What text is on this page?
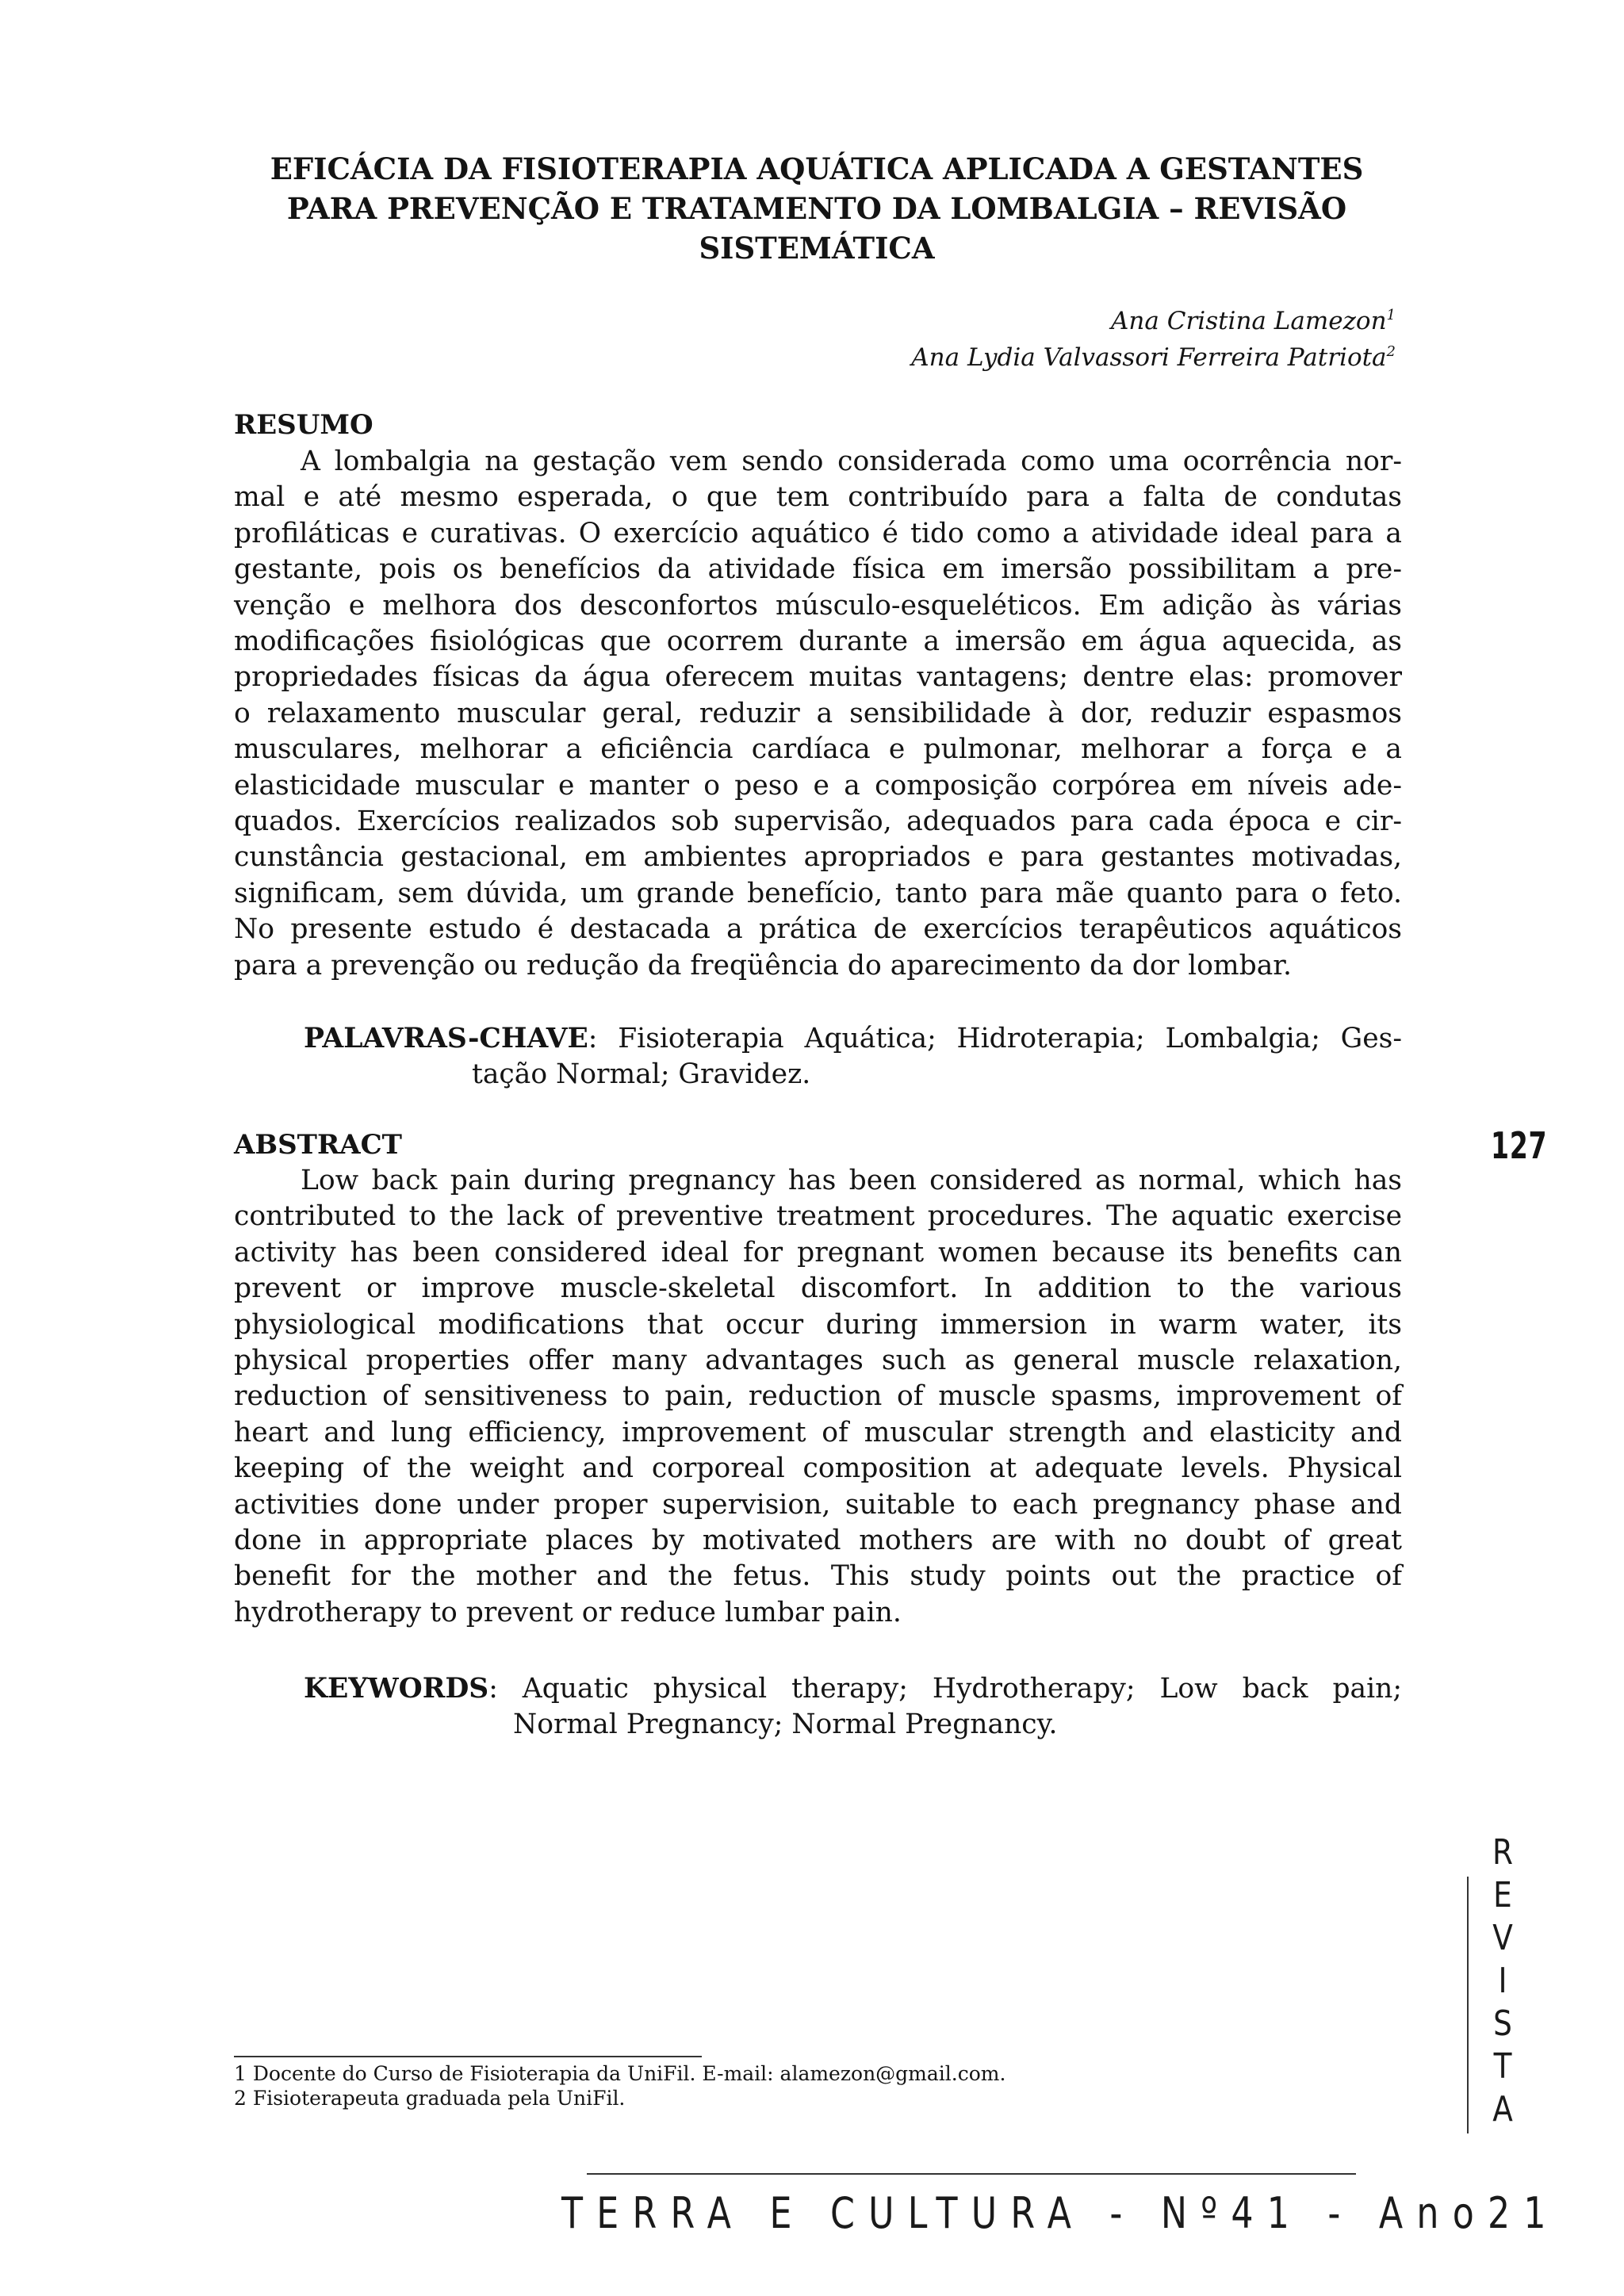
EFICÁCIA DA FISIOTERAPIA AQUÁTICA APLICADA A GESTANTES
PARA PREVENÇÃO E TRATAMENTO DA LOMBALGIA – REVISÃO
SISTEMÁTICA
Ana Cristina Lamezon$^1$
Ana Lydia Valvassori Ferreira Patriota$^2$
RESUMO
A lombalgia na gestação vem sendo considerada como uma ocorrência nor-
mal e até mesmo esperada, o que tem contribuído para a falta de condutas
profiláticas e curativas. O exercício aquático é tido como a atividade ideal para a
gestante, pois os benefícios da atividade física em imersão possibilitam a pre-
venção e melhora dos desconfortos músculo-esqueléticos. Em adição às várias
modificações fisiológicas que ocorrem durante a imersão em água aquecida, as
propriedades físicas da água oferecem muitas vantagens; dentre elas: promover
o relaxamento muscular geral, reduzir a sensibilidade à dor, reduzir espasmos
musculares, melhorar a eficiência cardíaca e pulmonar, melhorar a força e a
elasticidade muscular e manter o peso e a composição corpórea em níveis ade-
quados. Exercícios realizados sob supervisão, adequados para cada época e cir-
cunstância gestacional, em ambientes apropriados e para gestantes motivadas,
significam, sem dúvida, um grande benefício, tanto para mãe quanto para o feto.
No presente estudo é destacada a prática de exercícios terapêuticos aquáticos
para a prevenção ou redução da freqüência do aparecimento da dor lombar.
PALAVRAS-CHAVE: Fisioterapia Aquática; Hidroterapia; Lombalgia; Ges-
tação Normal; Gravidez.
ABSTRACT
Low back pain during pregnancy has been considered as normal, which has
contributed to the lack of preventive treatment procedures. The aquatic exercise
activity has been considered ideal for pregnant women because its benefits can
prevent or improve muscle-skeletal discomfort. In addition to the various
physiological modifications that occur during immersion in warm water, its
physical properties offer many advantages such as general muscle relaxation,
reduction of sensitiveness to pain, reduction of muscle spasms, improvement of
heart and lung efficiency, improvement of muscular strength and elasticity and
keeping of the weight and corporeal composition at adequate levels. Physical
activities done under proper supervision, suitable to each pregnancy phase and
done in appropriate places by motivated mothers are with no doubt of great
benefit for the mother and the fetus. This study points out the practice of
hydrotherapy to prevent or reduce lumbar pain.
KEYWORDS: Aquatic physical therapy; Hydrotherapy; Low back pain;
Normal Pregnancy; Normal Pregnancy.
1 Docente do Curso de Fisioterapia da UniFil. E-mail: alamezon@gmail.com.
2 Fisioterapeuta graduada pela UniFil.
127
R
E
V
I
S
T
A
TERRA E CULTURA - Nº41 - Ano21
